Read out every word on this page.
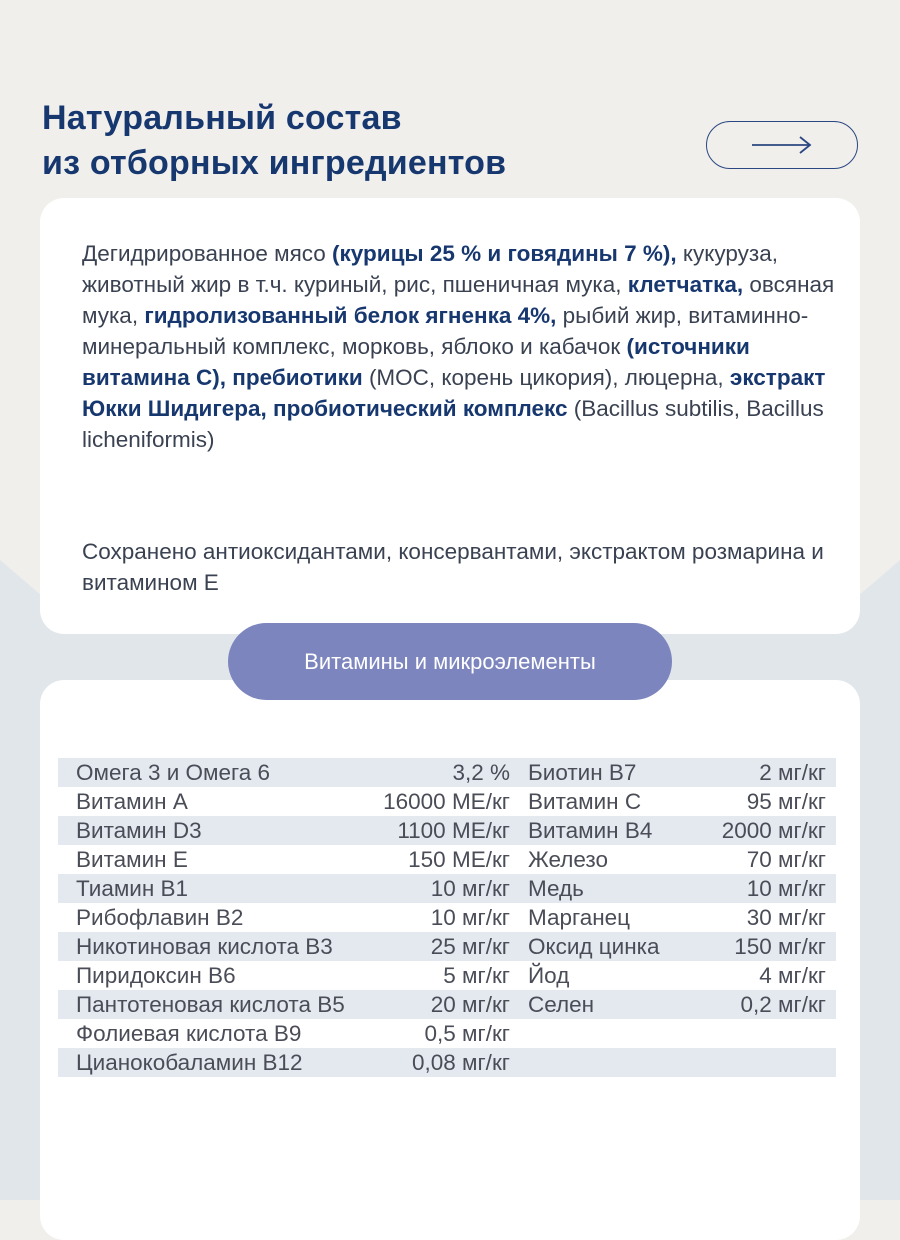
Натуральный состав
из отборных ингредиентов

Дегидрированное мясо (курицы 25 % и говядины 7 %), кукуруза, животный жир в т.ч. куриный, рис, пшеничная мука, клетчатка, овсяная мука, гидролизованный белок ягненка 4%, рыбий жир, витаминно-минеральный комплекс, морковь, яблоко и кабачок (источники витамина С), пребиотики (МОС, корень цикория), люцерна, экстракт Юкки Шидигера, пробиотический комплекс (Bacillus subtilis, Bacillus licheniformis)

Сохранено антиоксидантами, консервантами, экстрактом розмарина и витамином Е

Витамины и микроэлементы
Омега 3 и Омега 6	3,2 % Биотин В7	2 мг/кг
Витамин А	16000 МЕ/кг Витамин С	95 мг/кг
Витамин D3	1100 МЕ/кг Витамин В4	2000 мг/кг
Витамин Е	150 МЕ/кг Железо	70 мг/кг
Тиамин В1	10 мг/кг Медь	10 мг/кг
Рибофлавин В2	10 мг/кг Марганец	30 мг/кг
Никотиновая кислота В3	25 мг/кг Оксид цинка	150 мг/кг
Пиридоксин В6	5 мг/кг Йод	4 мг/кг
Пантотеновая кислота В5	20 мг/кг Селен	0,2 мг/кг
Фолиевая кислота В9	0,5 мг/кг
Цианокобаламин В12	0,08 мг/кг
